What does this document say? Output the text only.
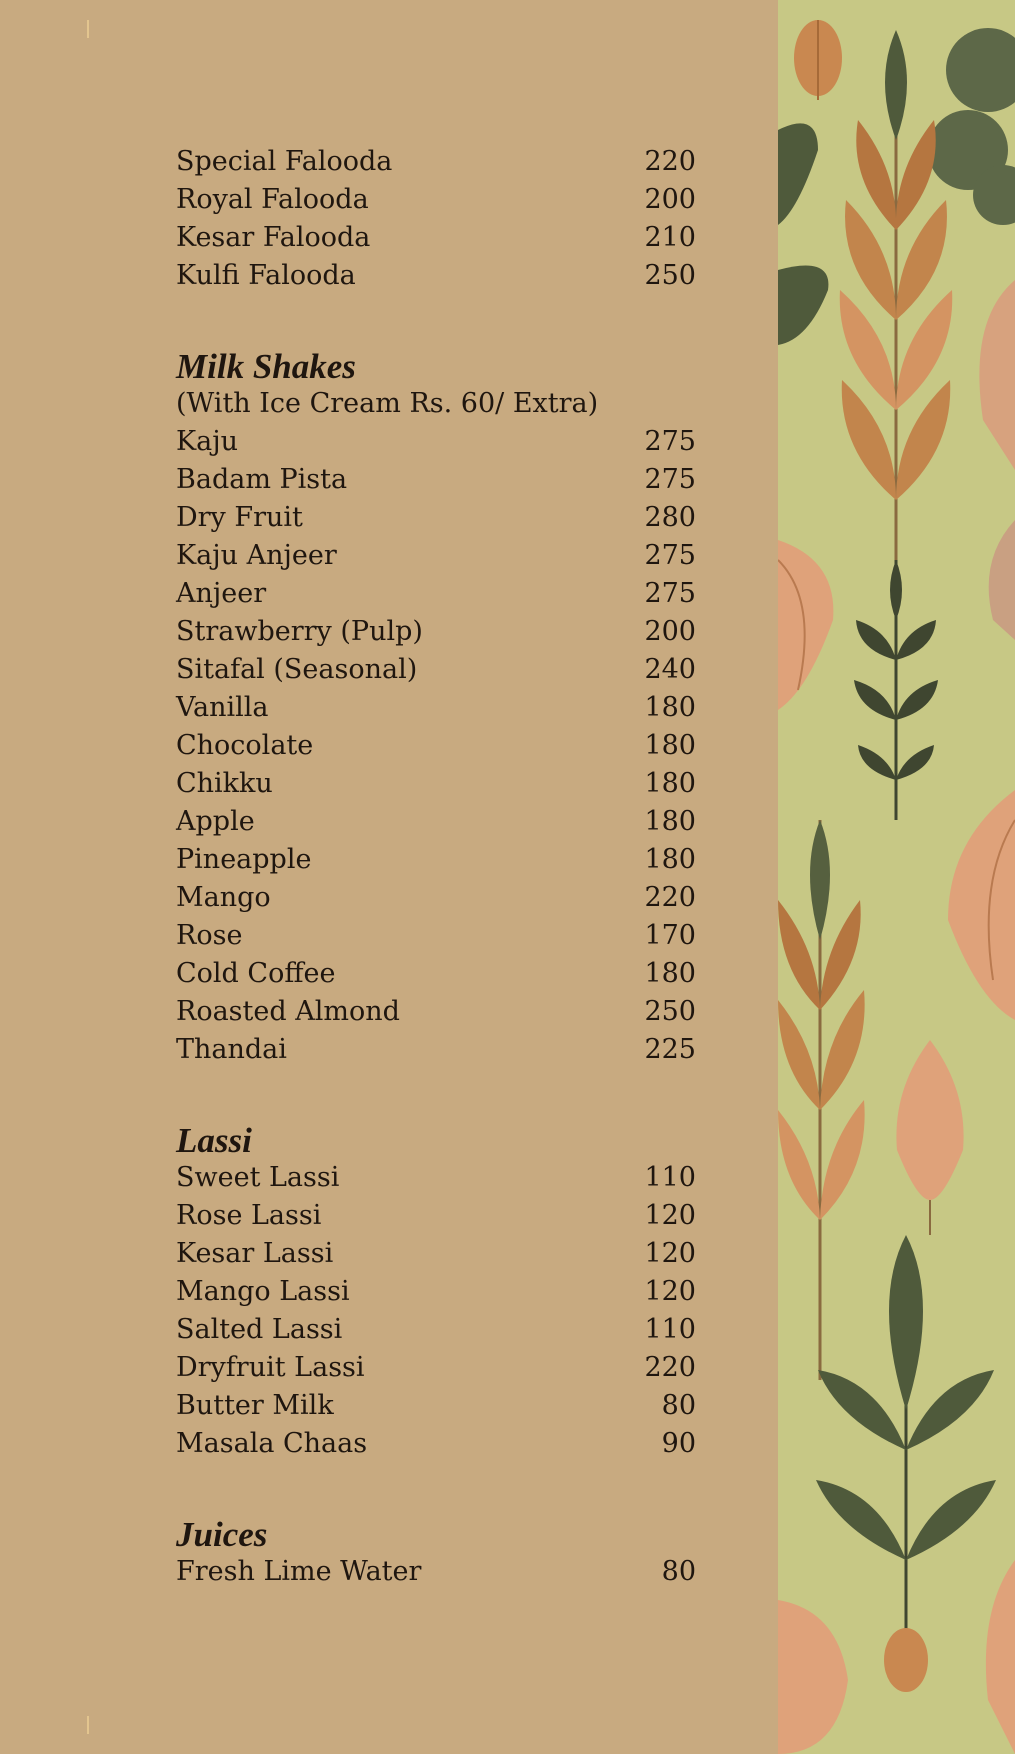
Special Falooda	220
Royal Falooda	200
Kesar Falooda	210
Kulfi Falooda	250
Milk Shakes
(With Ice Cream Rs. 60/ Extra)
Kaju	275
Badam Pista	275
Dry Fruit	280
Kaju Anjeer	275
Anjeer	275
Strawberry (Pulp)	200
Sitafal (Seasonal)	240
Vanilla	180
Chocolate	180
Chikku	180
Apple	180
Pineapple	180
Mango	220
Rose	170
Cold Coffee	180
Roasted Almond	250
Thandai	225
Lassi
Sweet Lassi	110
Rose Lassi	120
Kesar Lassi	120
Mango Lassi	120
Salted Lassi	110
Dryfruit Lassi	220
Butter Milk	80
Masala Chaas	90
Juices
Fresh Lime Water	80
